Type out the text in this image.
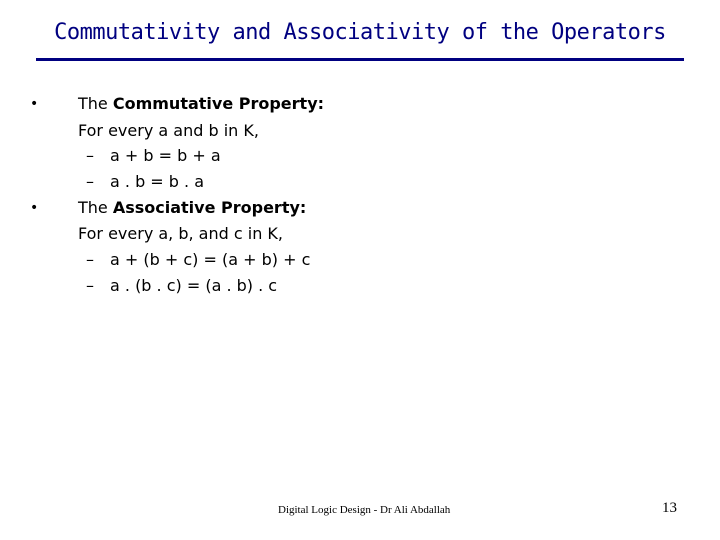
Commutativity and Associativity of the Operators
• The Commutative Property:
For every a and b in K,
– a + b = b + a
– a . b = b . a
• The Associative Property:
For every a, b, and c in K,
– a + (b + c) = (a + b) + c
– a . (b . c) = (a . b) . c
Digital Logic Design - Dr Ali Abdallah	13
